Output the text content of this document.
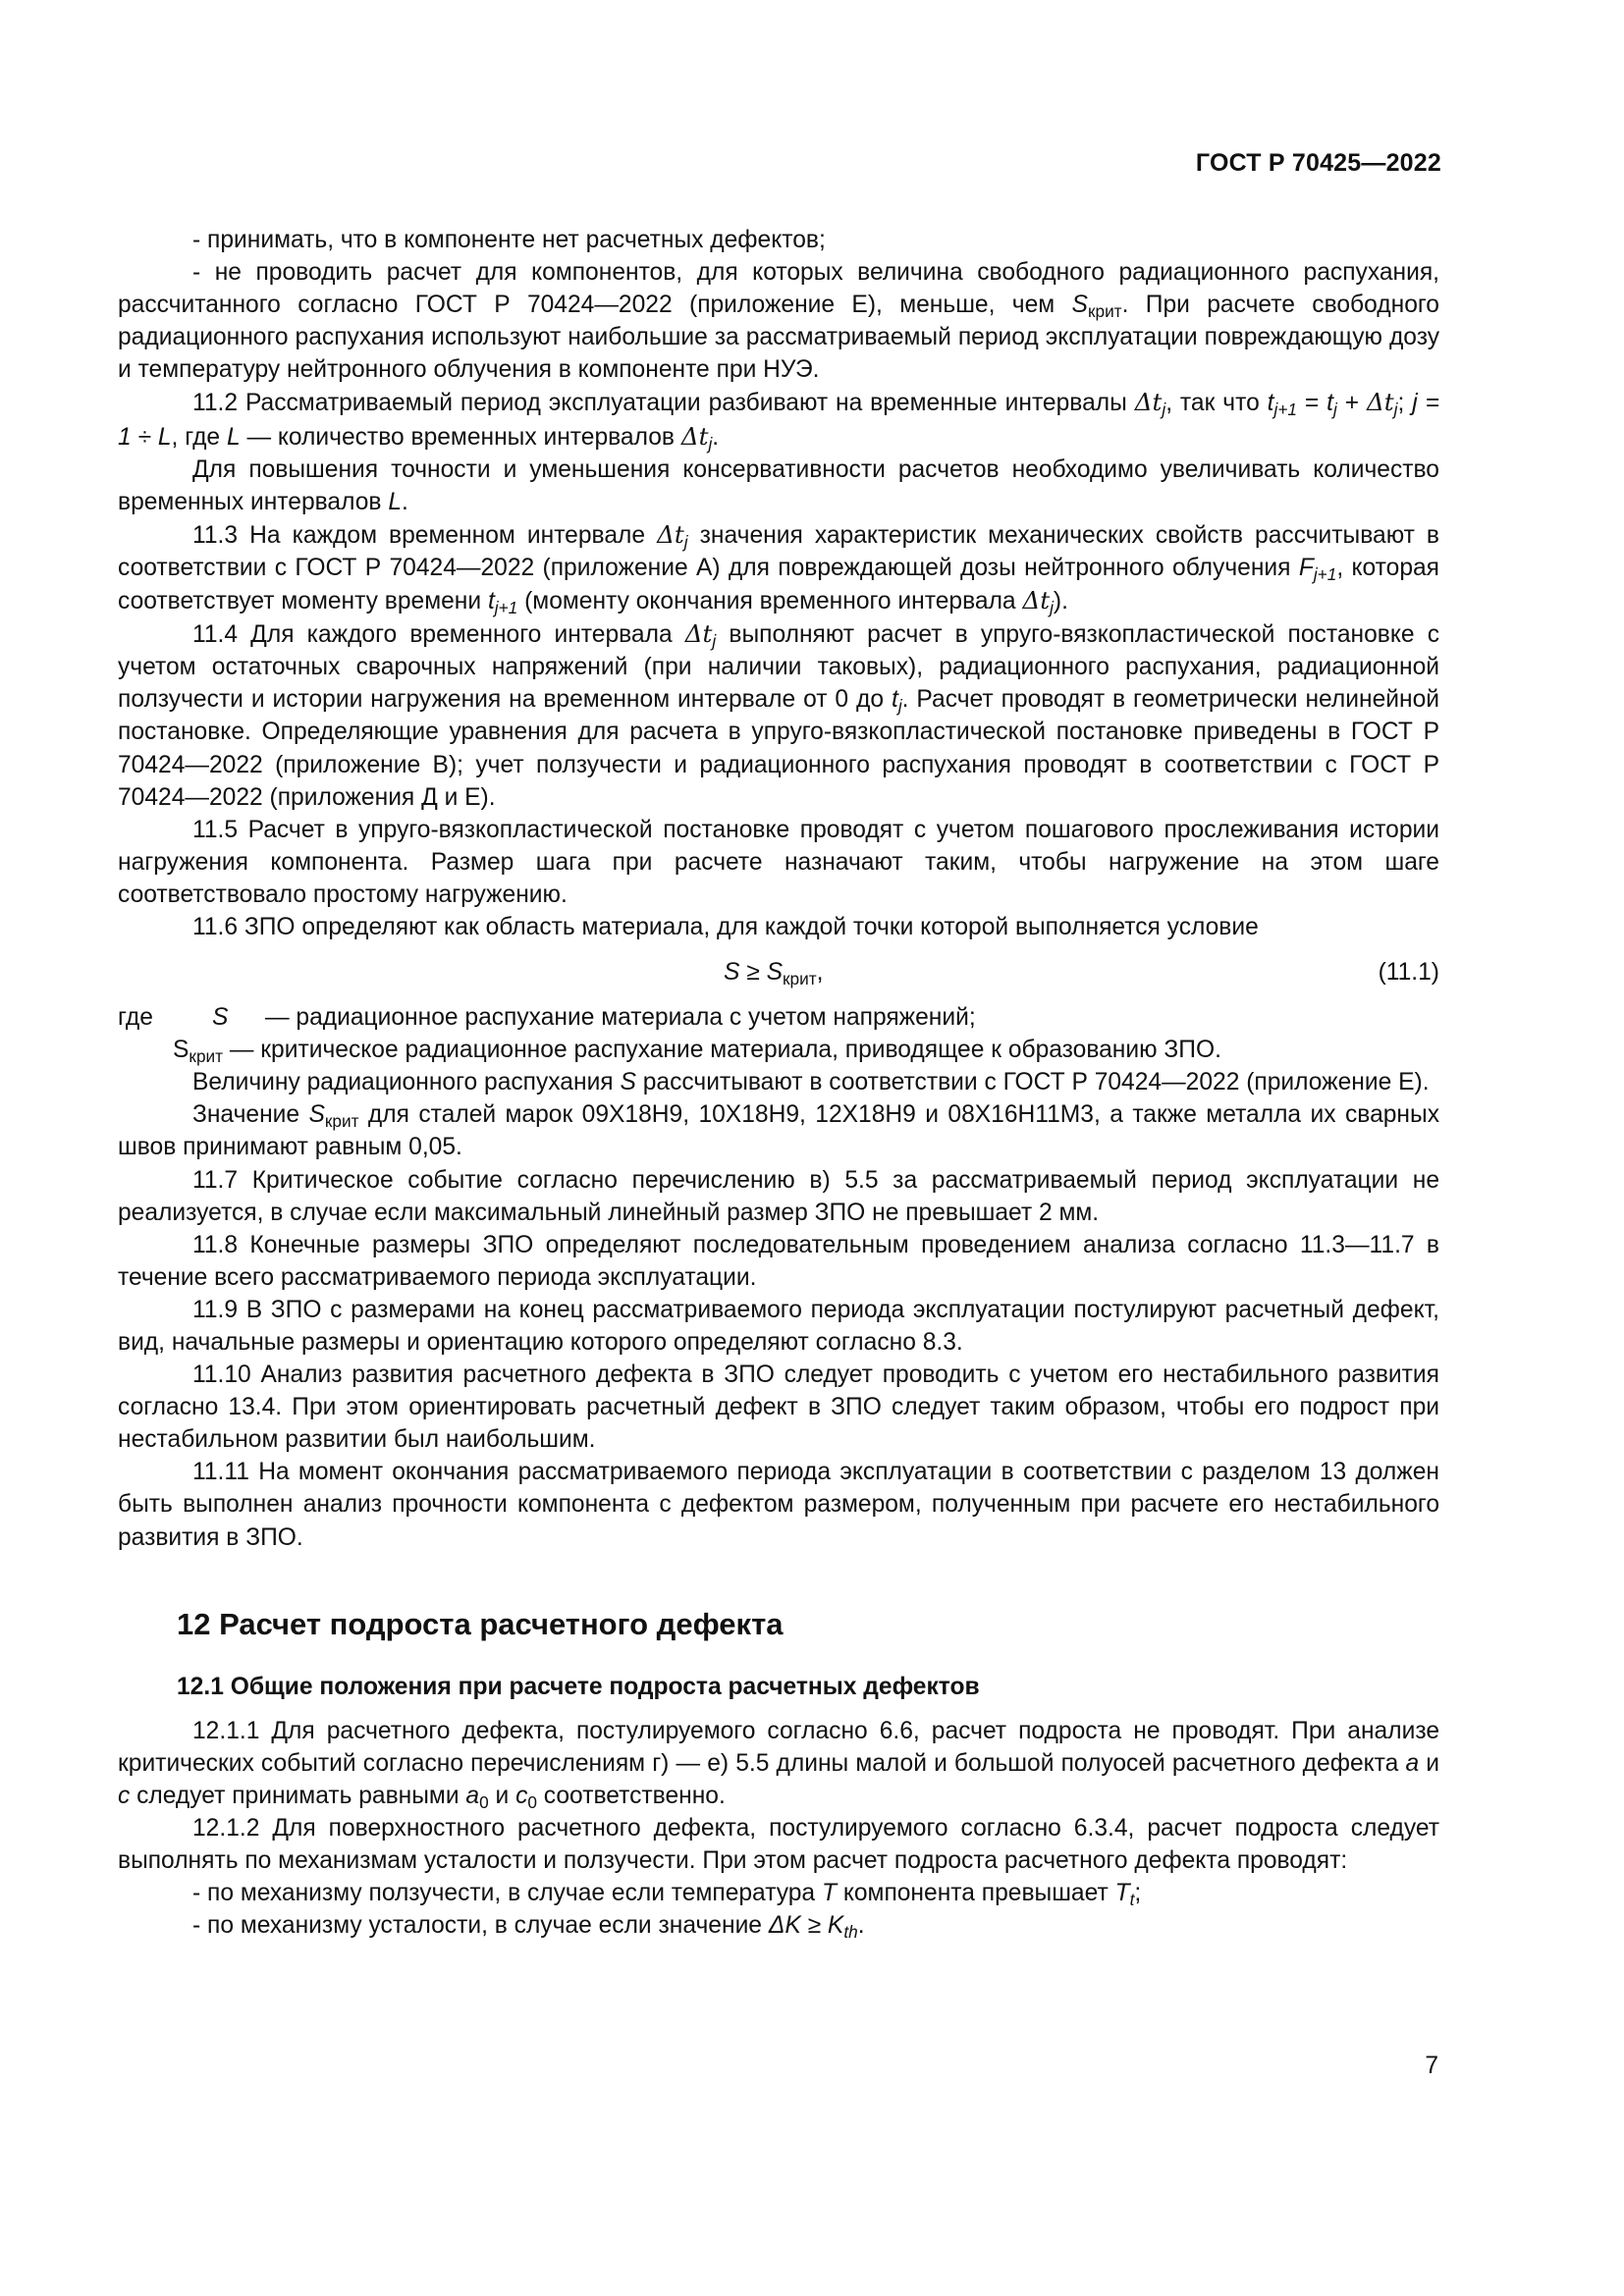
ГОСТ Р 70425—2022

- принимать, что в компоненте нет расчетных дефектов;

- не проводить расчет для компонентов, для которых величина свободного радиационного распухания, рассчитанного согласно ГОСТ Р 70424—2022 (приложение Е), меньше, чем $S_{крит}$. При расчете свободного радиационного распухания используют наибольшие за рассматриваемый период эксплуатации повреждающую дозу и температуру нейтронного облучения в компоненте при НУЭ.

11.2 Рассматриваемый период эксплуатации разбивают на временные интервалы $\Delta t_j$, так что $t_{j+1} = t_j + \Delta t_j$; j = 1 ÷ L, где L — количество временных интервалов $\Delta t_j$.

Для повышения точности и уменьшения консервативности расчетов необходимо увеличивать количество временных интервалов L.

11.3 На каждом временном интервале $\Delta t_j$ значения характеристик механических свойств рассчитывают в соответствии с ГОСТ Р 70424—2022 (приложение А) для повреждающей дозы нейтронного облучения $F_{j+1}$, которая соответствует моменту времени $t_{j+1}$ (моменту окончания временного интервала $\Delta t_j$).

11.4 Для каждого временного интервала $\Delta t_j$ выполняют расчет в упруго-вязкопластической постановке с учетом остаточных сварочных напряжений (при наличии таковых), радиационного распухания, радиационной ползучести и истории нагружения на временном интервале от 0 до $t_j$. Расчет проводят в геометрически нелинейной постановке. Определяющие уравнения для расчета в упруго-вязкопластической постановке приведены в ГОСТ Р 70424—2022 (приложение В); учет ползучести и радиационного распухания проводят в соответствии с ГОСТ Р 70424—2022 (приложения Д и Е).

11.5 Расчет в упруго-вязкопластической постановке проводят с учетом пошагового прослеживания истории нагружения компонента. Размер шага при расчете назначают таким, чтобы нагружение на этом шаге соответствовало простому нагружению.

11.6 ЗПО определяют как область материала, для каждой точки которой выполняется условие

$S \ge S_{крит}$,	(11.1)
где	S	— радиационное распухание материала с учетом напряжений;
$S_{крит}$ — критическое радиационное распухание материала, приводящее к образованию ЗПО.

Величину радиационного распухания S рассчитывают в соответствии с ГОСТ Р 70424—2022 (приложение Е).

Значение $S_{крит}$ для сталей марок 09Х18Н9, 10Х18Н9, 12Х18Н9 и 08Х16Н11М3, а также металла их сварных швов принимают равным 0,05.

11.7 Критическое событие согласно перечислению в) 5.5 за рассматриваемый период эксплуатации не реализуется, в случае если максимальный линейный размер ЗПО не превышает 2 мм.

11.8 Конечные размеры ЗПО определяют последовательным проведением анализа согласно 11.3—11.7 в течение всего рассматриваемого периода эксплуатации.

11.9 В ЗПО с размерами на конец рассматриваемого периода эксплуатации постулируют расчетный дефект, вид, начальные размеры и ориентацию которого определяют согласно 8.3.

11.10 Анализ развития расчетного дефекта в ЗПО следует проводить с учетом его нестабильного развития согласно 13.4. При этом ориентировать расчетный дефект в ЗПО следует таким образом, чтобы его подрост при нестабильном развитии был наибольшим.

11.11 На момент окончания рассматриваемого периода эксплуатации в соответствии с разделом 13 должен быть выполнен анализ прочности компонента с дефектом размером, полученным при расчете его нестабильного развития в ЗПО.

12 Расчет подроста расчетного дефекта
12.1 Общие положения при расчете подроста расчетных дефектов

12.1.1 Для расчетного дефекта, постулируемого согласно 6.6, расчет подроста не проводят. При анализе критических событий согласно перечислениям г) — е) 5.5 длины малой и большой полуосей расчетного дефекта a и c следует принимать равными $a_0$ и $c_0$ соответственно.

12.1.2 Для поверхностного расчетного дефекта, постулируемого согласно 6.3.4, расчет подроста следует выполнять по механизмам усталости и ползучести. При этом расчет подроста расчетного дефекта проводят:

- по механизму ползучести, в случае если температура T компонента превышает $T_t$;

- по механизму усталости, в случае если значение $\Delta K \ge K_{th}$.

7
